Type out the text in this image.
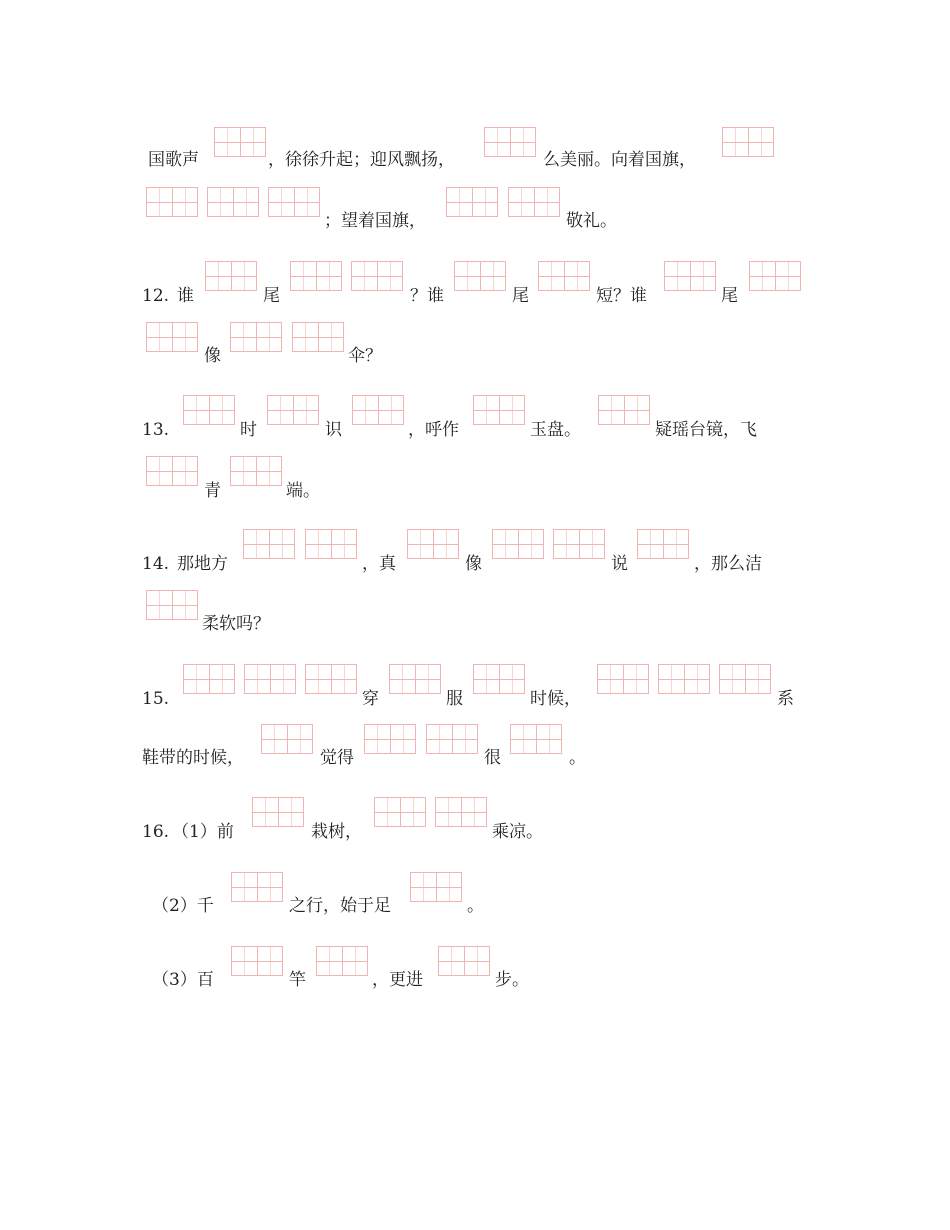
国歌声	，徐徐升起；迎风飘扬，	么美丽。向着国旗，
；望着国旗，	敬礼。
12. 谁	尾	？谁	尾	短？谁	尾
像	伞？
13.	时	识	，呼作	玉盘。	疑瑶台镜，飞
青	端。
14. 那地方	，真	像	说	，那么洁
柔软吗？
15.	穿	服	时候，	系
鞋带的时候，	觉得	很	。
16. （1）前	栽树，	乘凉。
（2）千	之行，始于足	。
（3）百	竿	，更进	步。
